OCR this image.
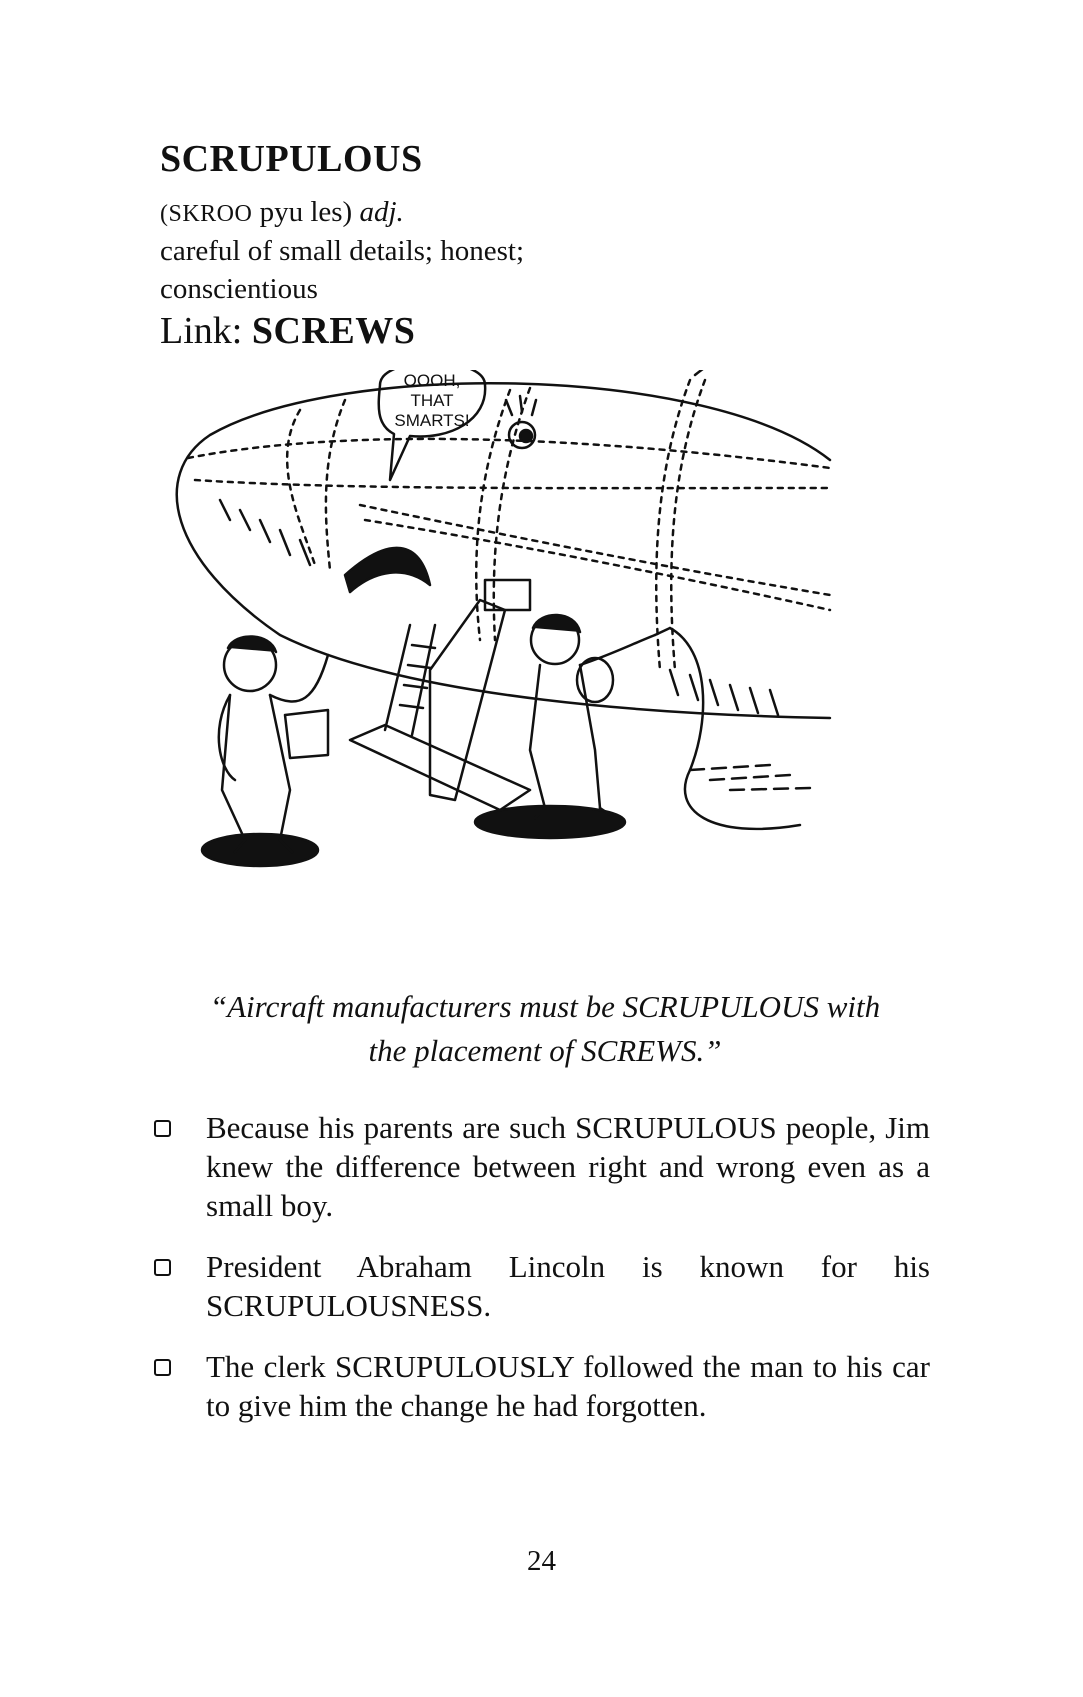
SCRUPULOUS
(SKROO pyu les) adj.
careful of small details; honest;
conscientious
Link: SCREWS
OOOH,
THAT
SMARTS!
“Aircraft manufacturers must be SCRUPULOUS with
the placement of SCREWS.”
Because his parents are such SCRUPULOUS people, Jim knew the difference between right and wrong even as a small boy.
President Abraham Lincoln is known for his SCRUPULOUSNESS.
The clerk SCRUPULOUSLY followed the man to his car to give him the change he had forgotten.
24
